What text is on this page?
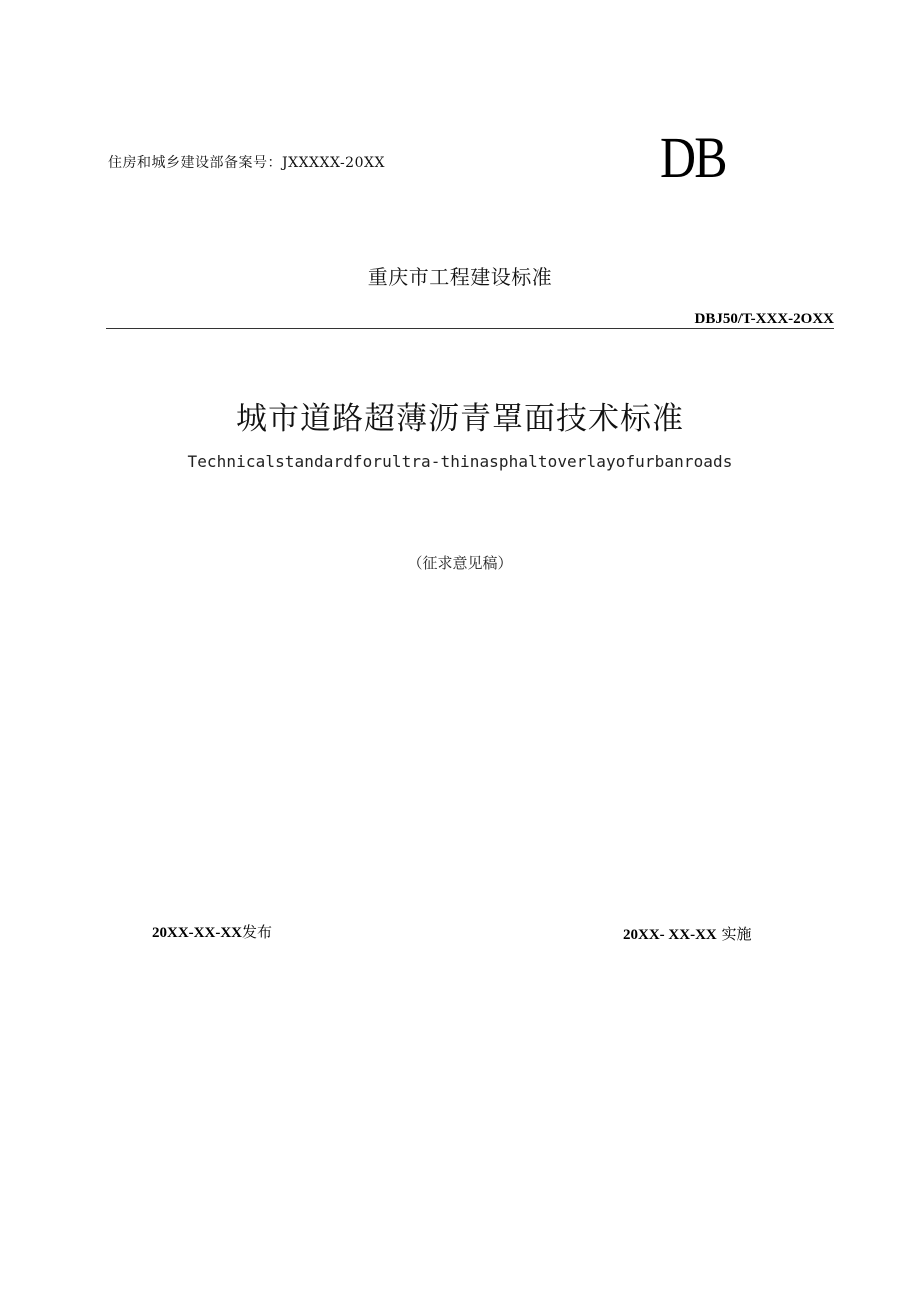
住房和城乡建设部备案号：JXXXXX-20XX	DB
重庆市工程建设标准
DBJ50/T-XXX-2OXX
城市道路超薄沥青罩面技术标准
Technicalstandardforultra-thinasphaltoverlayofurbanroads
（征求意见稿）
20XX-XX-XX发布	20XX- XX-XX 实施
